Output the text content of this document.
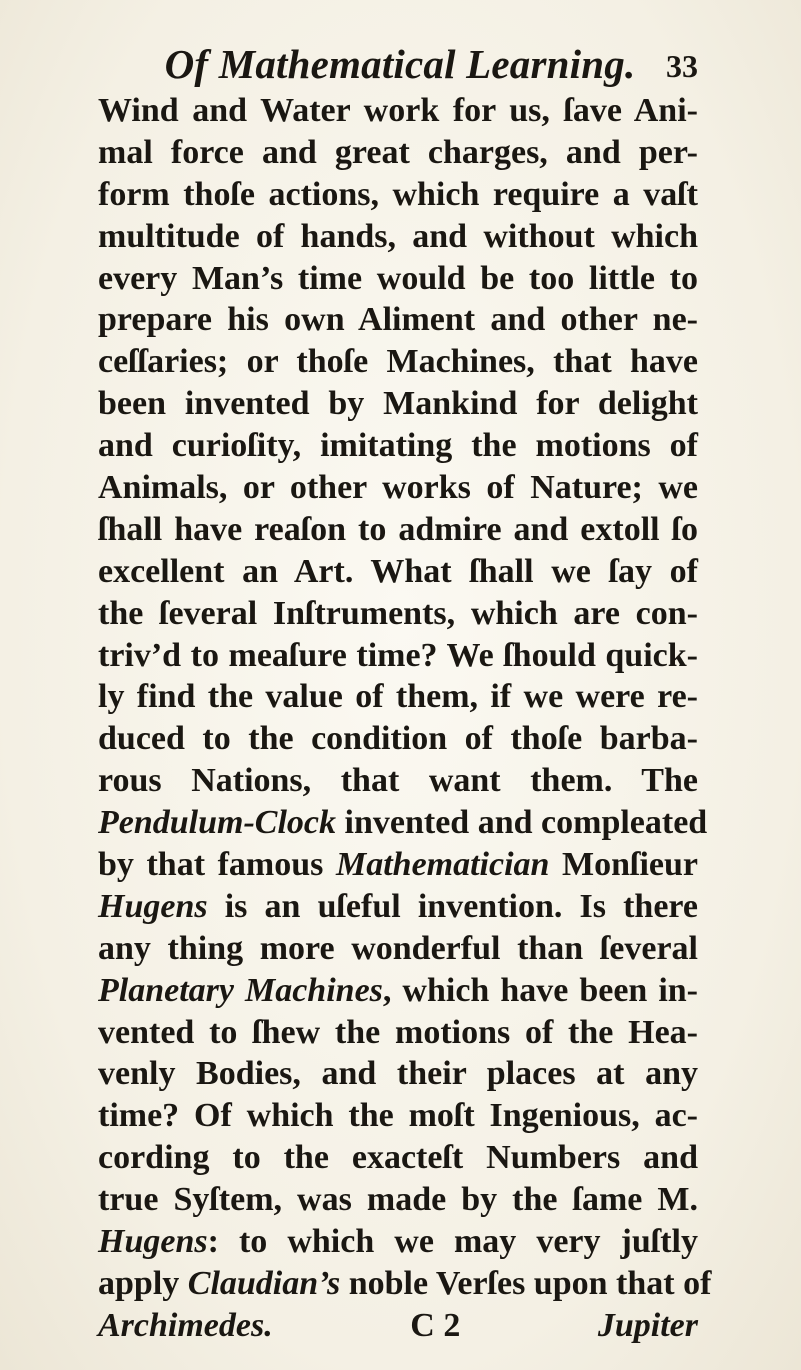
Of Mathematical Learning. 33
Wind and Water work for us, ſave Ani-
mal force and great charges, and per-
form thoſe actions, which require a vaſt
multitude of hands, and without which
every Man’s time would be too little to
prepare his own Aliment and other ne-
ceſſaries; or thoſe Machines, that have
been invented by Mankind for delight
and curioſity, imitating the motions of
Animals, or other works of Nature; we
ſhall have reaſon to admire and extoll ſo
excellent an Art. What ſhall we ſay of
the ſeveral Inſtruments, which are con-
triv’d to meaſure time? We ſhould quick-
ly find the value of them, if we were re-
duced to the condition of thoſe barba-
rous Nations, that want them. The
Pendulum-Clock invented and compleated
by that famous Mathematician Monſieur
Hugens is an uſeful invention. Is there
any thing more wonderful than ſeveral
Planetary Machines, which have been in-
vented to ſhew the motions of the Hea-
venly Bodies, and their places at any
time? Of which the moſt Ingenious, ac-
cording to the exacteſt Numbers and
true Syſtem, was made by the ſame M.
Hugens: to which we may very juſtly
apply Claudian’s noble Verſes upon that of
Archimedes.	C 2	Jupiter
